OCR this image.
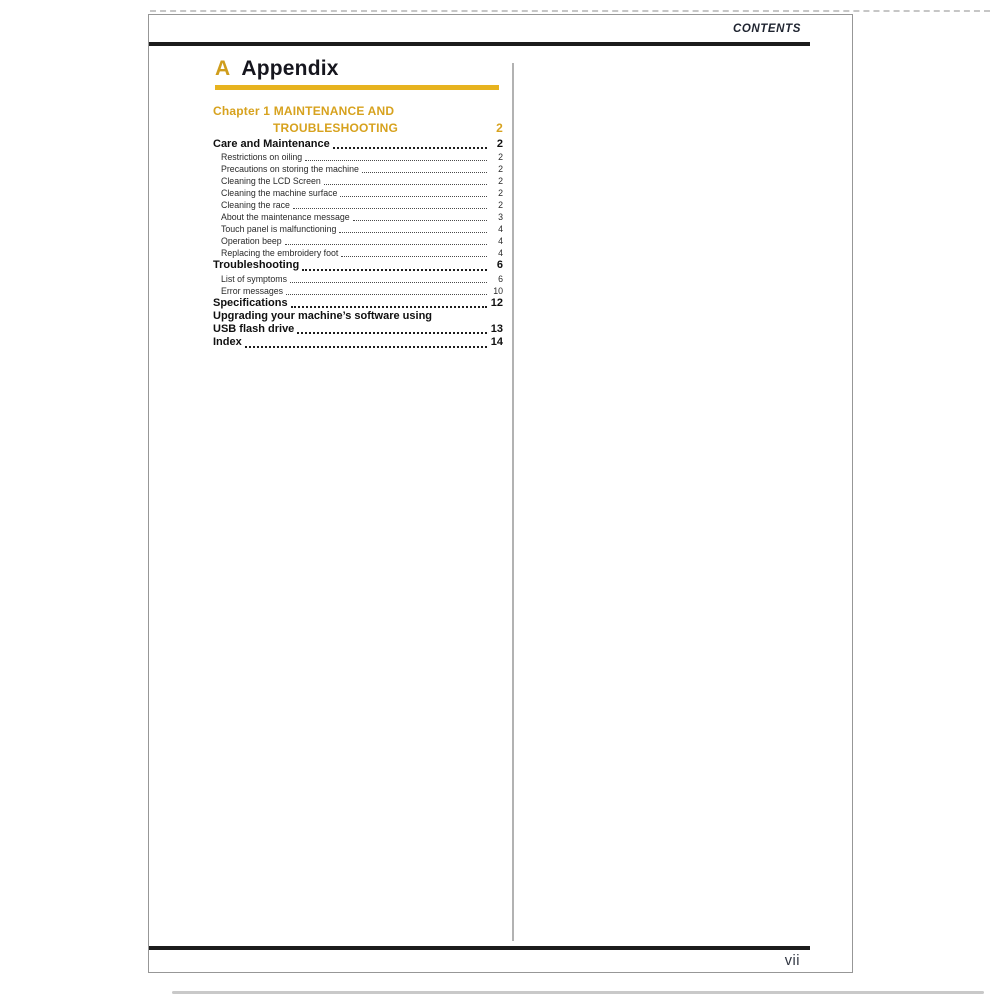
CONTENTS
A Appendix
Chapter 1 MAINTENANCE AND
TROUBLESHOOTING	2
Care and Maintenance	2
Restrictions on oiling	2
Precautions on storing the machine	2
Cleaning the LCD Screen	2
Cleaning the machine surface	2
Cleaning the race	2
About the maintenance message	3
Touch panel is malfunctioning	4
Operation beep	4
Replacing the embroidery foot	4
Troubleshooting	6
List of symptoms	6
Error messages	10
Specifications	12
Upgrading your machine’s software using
USB flash drive	13
Index	14
vii
